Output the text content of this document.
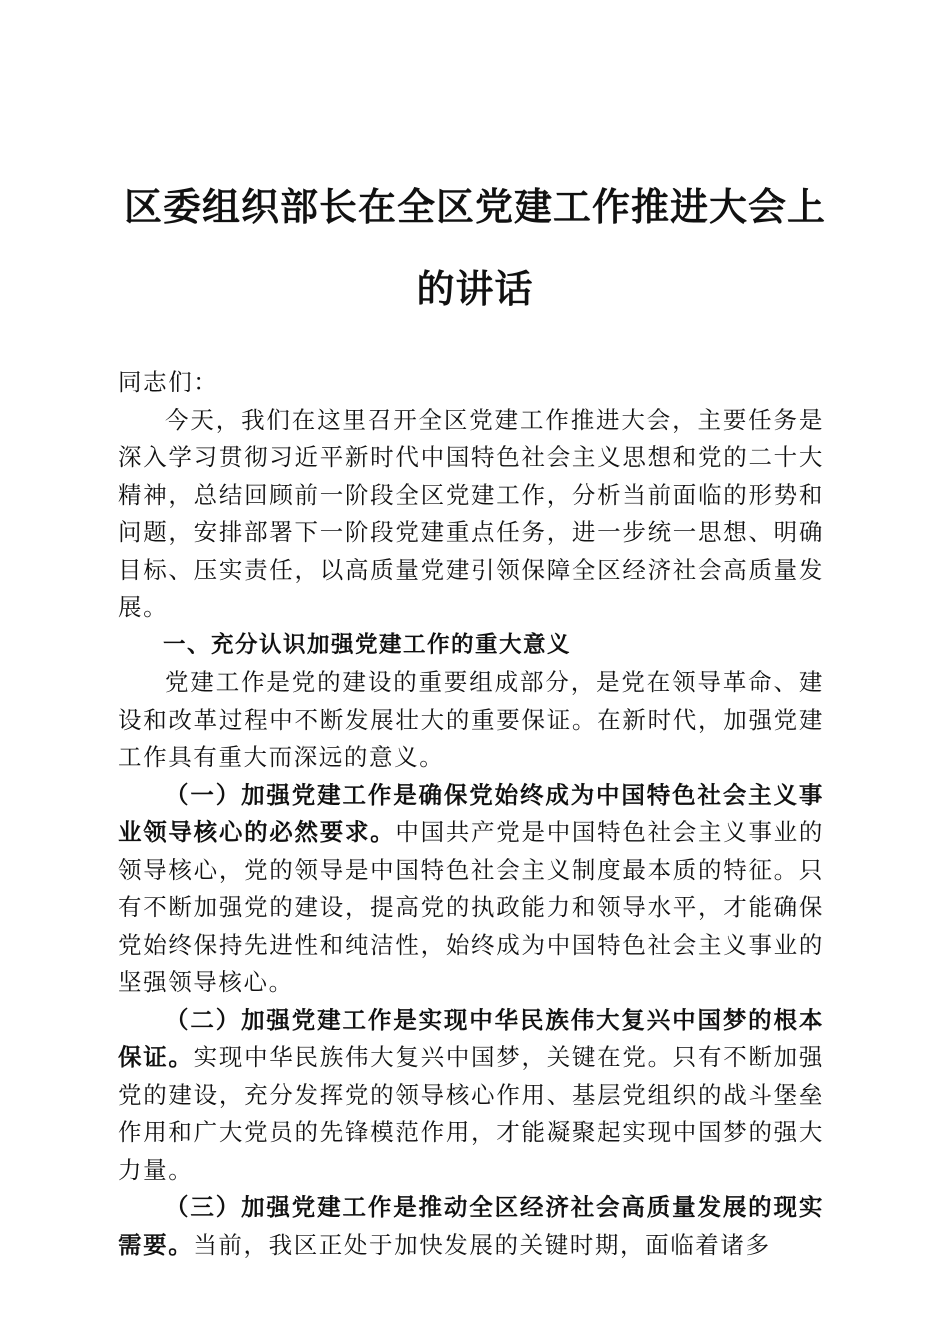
区委组织部长在全区党建工作推进大会上的讲话

同志们：

今天，我们在这里召开全区党建工作推进大会，主要任务是深入学习贯彻习近平新时代中国特色社会主义思想和党的二十大精神，总结回顾前一阶段全区党建工作，分析当前面临的形势和问题，安排部署下一阶段党建重点任务，进一步统一思想、明确目标、压实责任，以高质量党建引领保障全区经济社会高质量发展。

一、充分认识加强党建工作的重大意义

党建工作是党的建设的重要组成部分，是党在领导革命、建设和改革过程中不断发展壮大的重要保证。在新时代，加强党建工作具有重大而深远的意义。

（一）加强党建工作是确保党始终成为中国特色社会主义事业领导核心的必然要求。中国共产党是中国特色社会主义事业的领导核心，党的领导是中国特色社会主义制度最本质的特征。只有不断加强党的建设，提高党的执政能力和领导水平，才能确保党始终保持先进性和纯洁性，始终成为中国特色社会主义事业的坚强领导核心。

（二）加强党建工作是实现中华民族伟大复兴中国梦的根本保证。实现中华民族伟大复兴中国梦，关键在党。只有不断加强党的建设，充分发挥党的领导核心作用、基层党组织的战斗堡垒作用和广大党员的先锋模范作用，才能凝聚起实现中国梦的强大力量。

（三）加强党建工作是推动全区经济社会高质量发展的现实需要。当前，我区正处于加快发展的关键时期，面临着诸多
